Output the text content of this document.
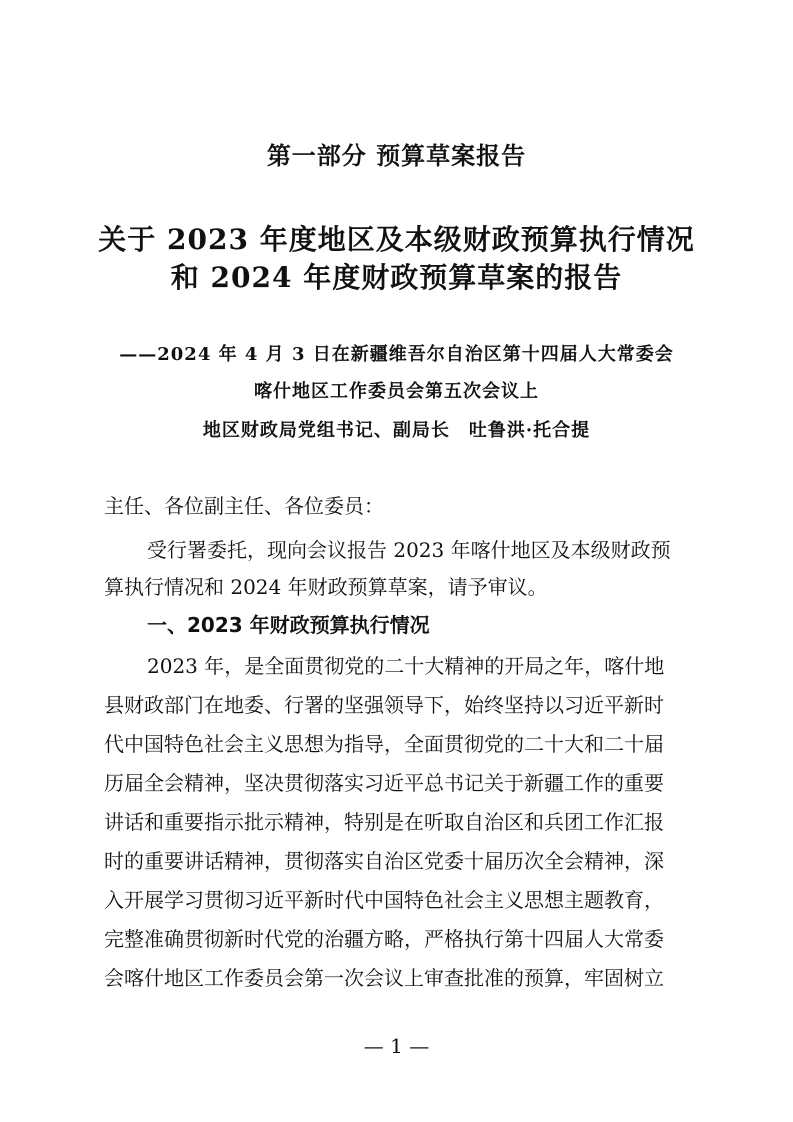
第一部分 预算草案报告
关于 2023 年度地区及本级财政预算执行情况
和 2024 年度财政预算草案的报告
——2024 年 4 月 3 日在新疆维吾尔自治区第十四届人大常委会
喀什地区工作委员会第五次会议上
地区财政局党组书记、副局长　吐鲁洪·托合提
主任、各位副主任、各位委员：
受行署委托，现向会议报告 2023 年喀什地区及本级财政预
算执行情况和 2024 年财政预算草案，请予审议。
一、2023 年财政预算执行情况
2023 年，是全面贯彻党的二十大精神的开局之年，喀什地
县财政部门在地委、行署的坚强领导下，始终坚持以习近平新时
代中国特色社会主义思想为指导，全面贯彻党的二十大和二十届
历届全会精神，坚决贯彻落实习近平总书记关于新疆工作的重要
讲话和重要指示批示精神，特别是在听取自治区和兵团工作汇报
时的重要讲话精神，贯彻落实自治区党委十届历次全会精神，深
入开展学习贯彻习近平新时代中国特色社会主义思想主题教育，
完整准确贯彻新时代党的治疆方略，严格执行第十四届人大常委
会喀什地区工作委员会第一次会议上审查批准的预算，牢固树立
— 1 —
